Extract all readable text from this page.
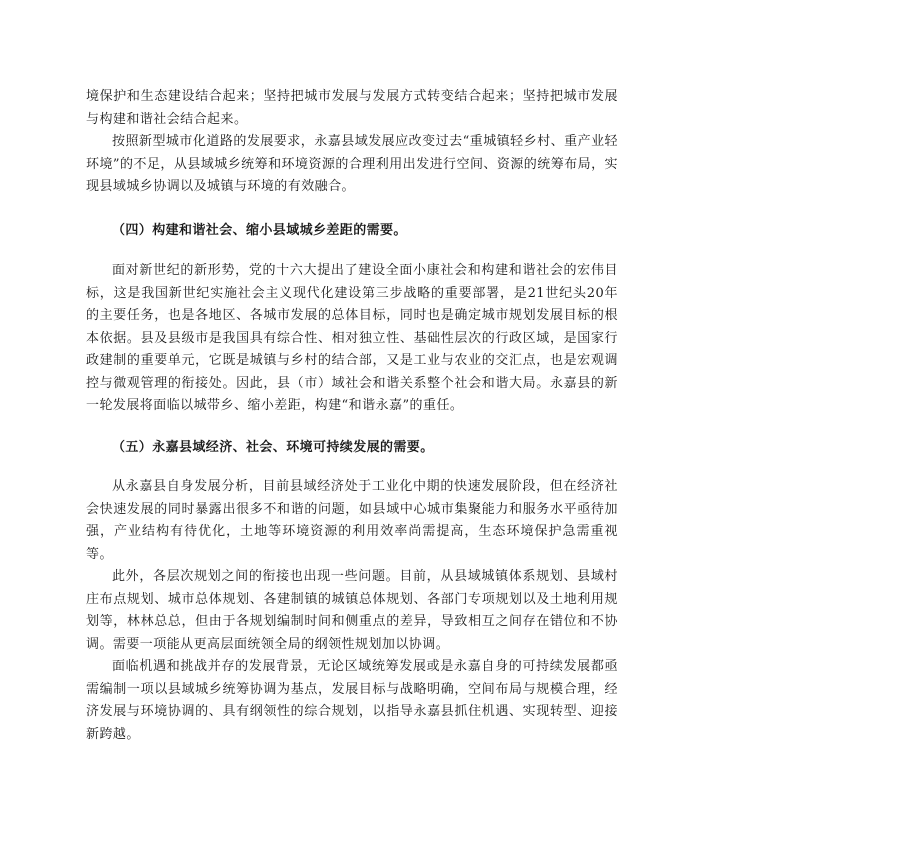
境保护和生态建设结合起来；坚持把城市发展与发展方式转变结合起来；坚持把城市发展与构建和谐社会结合起来。

按照新型城市化道路的发展要求，永嘉县域发展应改变过去“重城镇轻乡村、重产业轻环境”的不足，从县域城乡统筹和环境资源的合理利用出发进行空间、资源的统筹布局，实现县域城乡协调以及城镇与环境的有效融合。

（四）构建和谐社会、缩小县域城乡差距的需要。

面对新世纪的新形势，党的十六大提出了建设全面小康社会和构建和谐社会的宏伟目标，这是我国新世纪实施社会主义现代化建设第三步战略的重要部署，是21世纪头20年的主要任务，也是各地区、各城市发展的总体目标，同时也是确定城市规划发展目标的根本依据。县及县级市是我国具有综合性、相对独立性、基础性层次的行政区域，是国家行政建制的重要单元，它既是城镇与乡村的结合部，又是工业与农业的交汇点，也是宏观调控与微观管理的衔接处。因此，县（市）域社会和谐关系整个社会和谐大局。永嘉县的新一轮发展将面临以城带乡、缩小差距，构建“和谐永嘉”的重任。

（五）永嘉县域经济、社会、环境可持续发展的需要。

从永嘉县自身发展分析，目前县域经济处于工业化中期的快速发展阶段，但在经济社会快速发展的同时暴露出很多不和谐的问题，如县域中心城市集聚能力和服务水平亟待加强，产业结构有待优化，土地等环境资源的利用效率尚需提高，生态环境保护急需重视等。

此外，各层次规划之间的衔接也出现一些问题。目前，从县域城镇体系规划、县域村庄布点规划、城市总体规划、各建制镇的城镇总体规划、各部门专项规划以及土地利用规划等，林林总总，但由于各规划编制时间和侧重点的差异，导致相互之间存在错位和不协调。需要一项能从更高层面统领全局的纲领性规划加以协调。

面临机遇和挑战并存的发展背景，无论区域统筹发展或是永嘉自身的可持续发展都亟需编制一项以县域城乡统筹协调为基点，发展目标与战略明确，空间布局与规模合理，经济发展与环境协调的、具有纲领性的综合规划，以指导永嘉县抓住机遇、实现转型、迎接新跨越。
